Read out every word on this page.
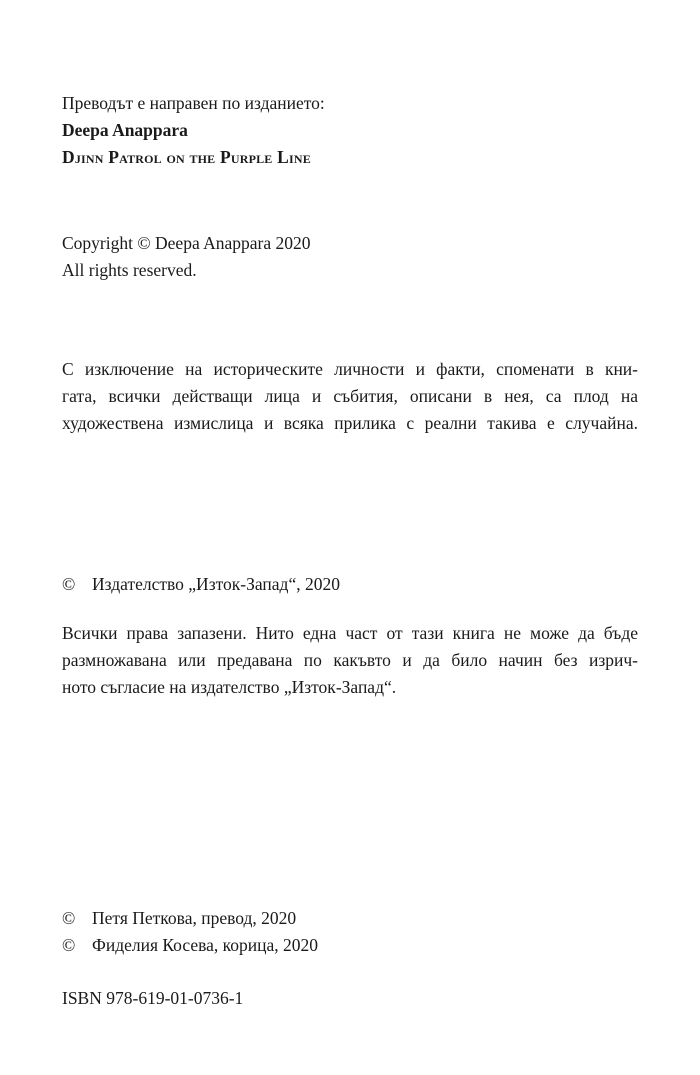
Преводът е направен по изданието:
Deepa Anappara
Djinn Patrol on the Purple Line
Copyright © Deepa Anappara 2020
All rights reserved.
С изключение на историческите личности и факти, споменати в кни-
гата, всички действащи лица и събития, описани в нея, са плод на
художествена измислица и всяка прилика с реални такива е случайна.
© Издателство „Изток-Запад“, 2020
Всички права запазени. Нито една част от тази книга не може да бъде
размножавана или предавана по какъвто и да било начин без изрич-
ното съгласие на издателство „Изток-Запад“.
© Петя Петкова, превод, 2020
© Фиделия Косева, корица, 2020
ISBN 978-619-01-0736-1
